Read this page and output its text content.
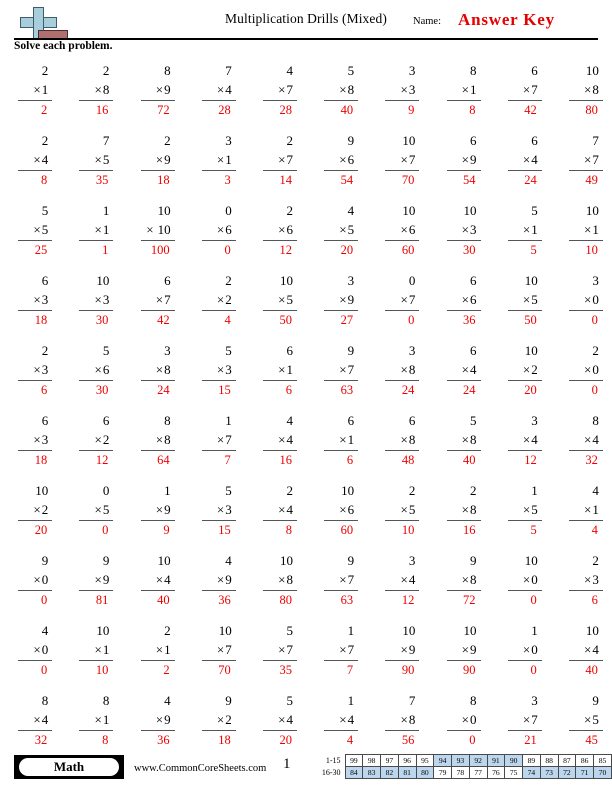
Multiplication Drills (Mixed)	Name: Answer Key
Solve each problem.
2
×1
2
2
×8
16
8
×9
72
7
×4
28
4
×7
28
5
×8
40
3
×3
9
8
×1
8
6
×7
42
10
×8
80
2
×4
8
7
×5
35
2
×9
18
3
×1
3
2
×7
14
9
×6
54
10
×7
70
6
×9
54
6
×4
24
7
×7
49
5
×5
25
1
×1
1
10
× 10
100
0
×6
0
2
×6
12
4
×5
20
10
×6
60
10
×3
30
5
×1
5
10
×1
10
6
×3
18
10
×3
30
6
×7
42
2
×2
4
10
×5
50
3
×9
27
0
×7
0
6
×6
36
10
×5
50
3
×0
0
2
×3
6
5
×6
30
3
×8
24
5
×3
15
6
×1
6
9
×7
63
3
×8
24
6
×4
24
10
×2
20
2
×0
0
6
×3
18
6
×2
12
8
×8
64
1
×7
7
4
×4
16
6
×1
6
6
×8
48
5
×8
40
3
×4
12
8
×4
32
10
×2
20
0
×5
0
1
×9
9
5
×3
15
2
×4
8
10
×6
60
2
×5
10
2
×8
16
1
×5
5
4
×1
4
9
×0
0
9
×9
81
10
×4
40
4
×9
36
10
×8
80
9
×7
63
3
×4
12
9
×8
72
10
×0
0
2
×3
6
4
×0
0
10
×1
10
2
×1
2
10
×7
70
5
×7
35
1
×7
7
10
×9
90
10
×9
90
1
×0
0
10
×4
40
8
×4
32
8
×1
8
4
×9
36
9
×2
18
5
×4
20
1
×4
4
7
×8
56
8
×0
0
3
×7
21
9
×5
45
Math	www.CommonCoreSheets.com 1	1-15	99	98	97	96	95	94	93	92	91	90	89	88	87	86	85
16-30	84	83	82	81	80	79	78	77	76	75	74	73	72	71	70
